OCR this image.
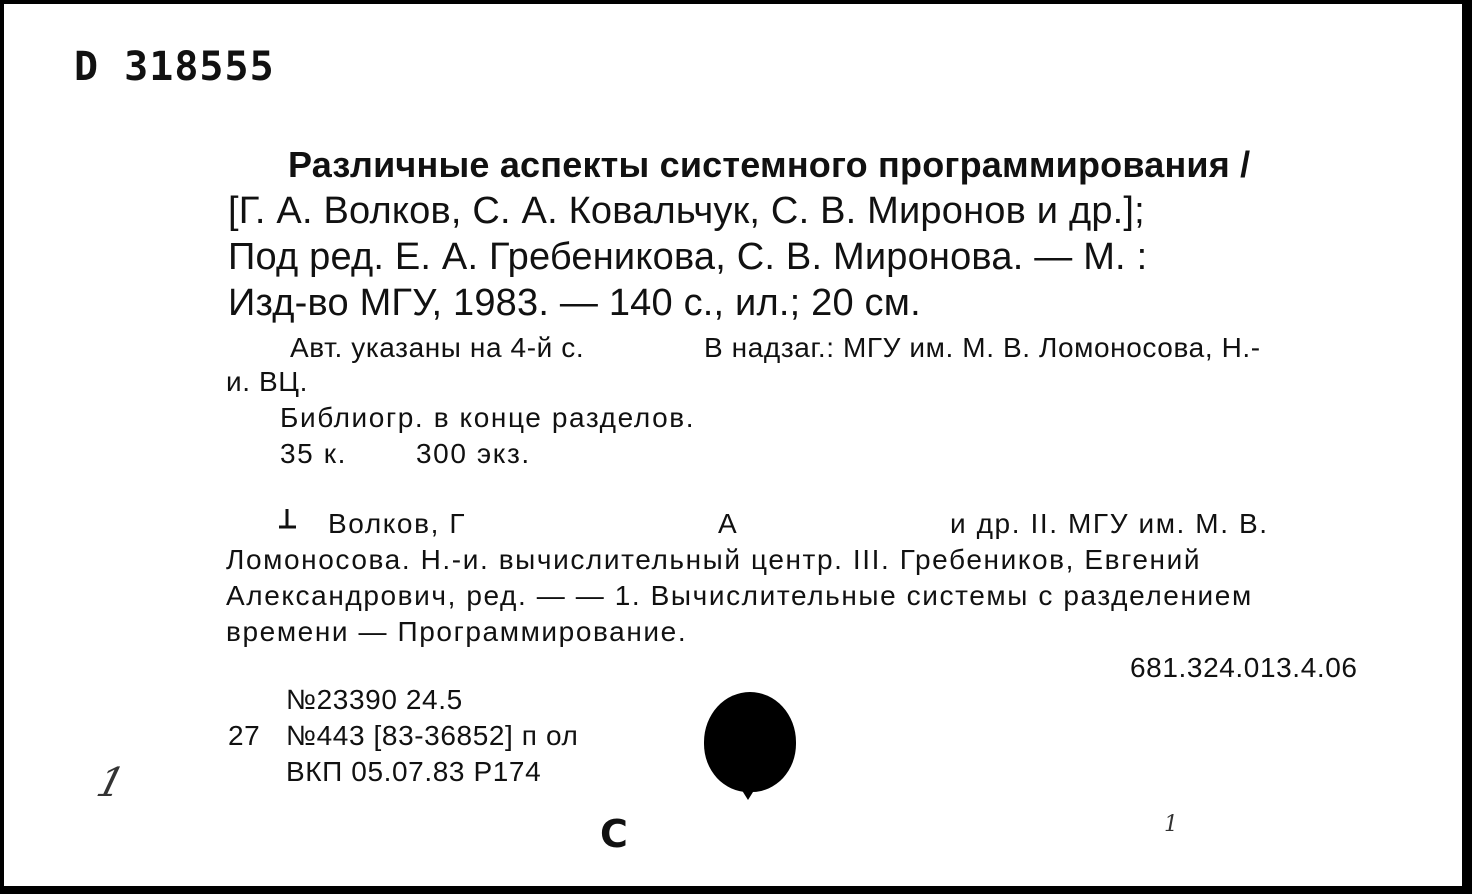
D 318555

Различные аспекты системного программирования /

[Г. А. Волков, С. А. Ковальчук, С. В. Миронов и др.];

Под ред. Е. А. Гребеникова, С. В. Миронова. — М. :

Изд-во МГУ, 1983. — 140 с., ил.; 20 см.

Авт. указаны на 4-й с.	В надзаг.: МГУ им. М. В. Ломоносова, Н.-

и. ВЦ.

Библиогр. в конце разделов.

35 к. 300 экз.

Волков, Г	А	и др. II. МГУ им. М. В.

Ломоносова. Н.-и. вычислительный центр. III. Гребеников, Евгений

Александрович, ред. — — 1. Вычислительные системы с разделением

времени — Программирование.

681.324.013.4.06

№23390 24.5

27 №443 [83-36852] п ол

ВКП 05.07.83 Р174

С

1

1
